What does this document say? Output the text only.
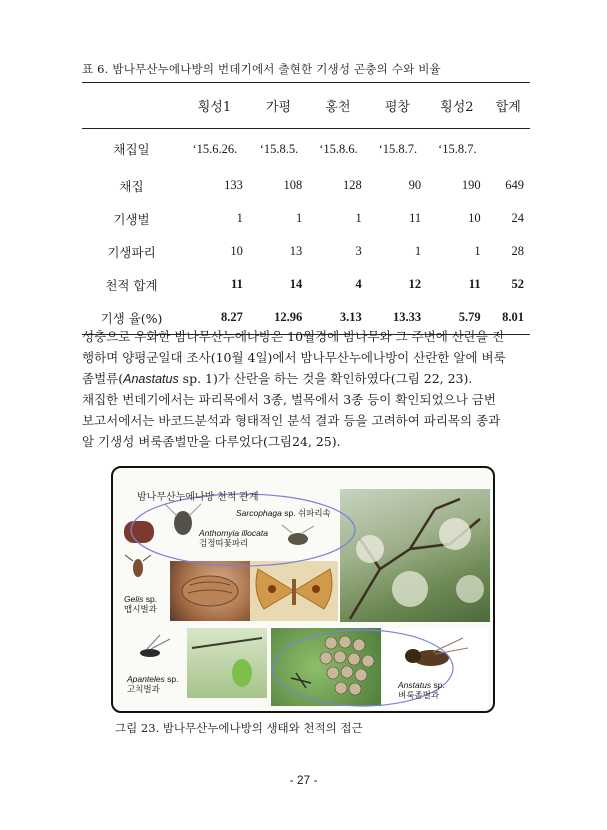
표 6. 밤나무산누에나방의 번데기에서 출현한 기생성 곤충의 수와 비율
	횡성1	가평	홍천	평창	횡성2	합계
채집일	‘15.6.26.	‘15.8.5.	‘15.8.6.	‘15.8.7.	‘15.8.7.	
채집	133	108	128	90	190	649
기생벌	1	1	1	11	10	24
기생파리	10	13	3	1	1	28
천적 합계	11	14	4	12	11	52
기생 율(%)	8.27	12.96	3.13	13.33	5.79	8.01
성충으로 우화한 밤나무산누에나방은 10월경에 밤나무와 그 주변에 산란을 진
행하며 양평군일대 조사(10월 4일)에서 밤나무산누에나방이 산란한 알에 벼룩
좀벌류(Anastatus sp. 1)가 산란을 하는 것을 확인하였다(그림 22, 23).
채집한 번데기에서는 파리목에서 3종, 벌목에서 3종 등이 확인되었으나 금번
보고서에서는 바코드분석과 형태적인 분석 결과 등을 고려하여 파리목의 종과
알 기생성 벼룩좀벌만을 다루었다(그림24, 25).
밤나무산누에나방 천적 관계
Sarcophaga sp. 쉬파리속
Anthomyia illocata
검정띠꽃파리
Gelis sp.
맵시벌과
Apanteles sp.
고치벌과	Anstatus sp.
벼룩좀벌과
그림 23. 밤나무산누에나방의 생태와 천적의 접근
- 27 -
